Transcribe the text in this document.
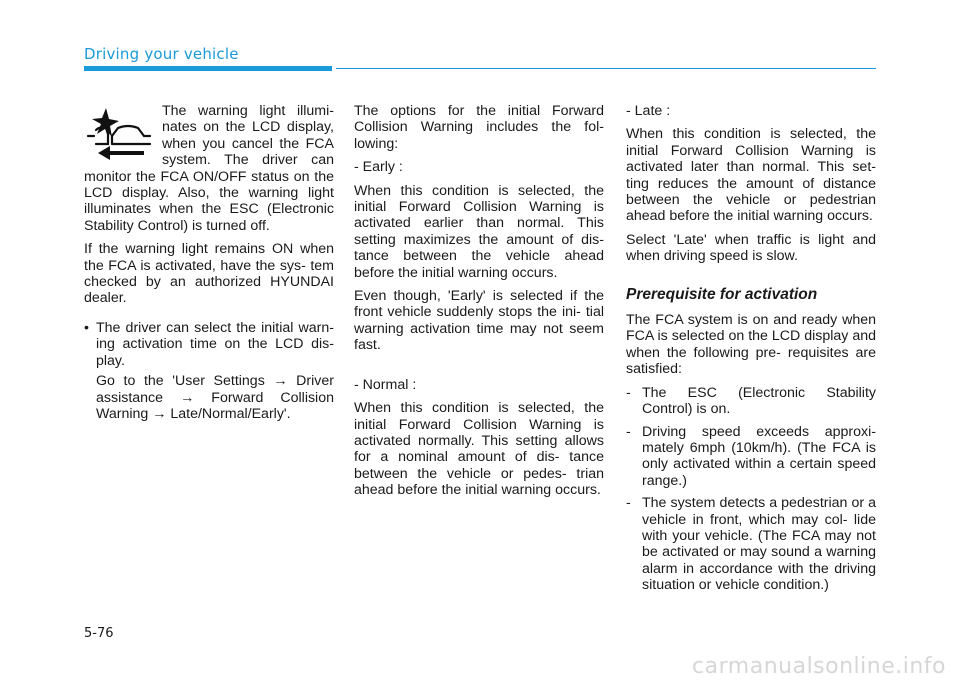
Driving your vehicle

The warning light illumi- nates on the LCD display, when you cancel the FCA system. The driver can monitor the FCA ON/OFF status on the LCD display. Also, the warning light illuminates when the ESC (Electronic Stability Control) is turned off.

If the warning light remains ON when the FCA is activated, have the sys- tem checked by an authorized HYUNDAI dealer.

• The driver can select the initial warn- ing activation time on the LCD dis- play.

Go to the 'User Settings → Driver assistance → Forward Collision Warning → Late/Normal/Early'.

The options for the initial Forward Collision Warning includes the fol- lowing:

- Early :

When this condition is selected, the initial Forward Collision Warning is activated earlier than normal. This setting maximizes the amount of dis- tance between the vehicle ahead before the initial warning occurs.

Even though, 'Early' is selected if the front vehicle suddenly stops the ini- tial warning activation time may not seem fast.

- Normal :

When this condition is selected, the initial Forward Collision Warning is activated normally. This setting allows for a nominal amount of dis- tance between the vehicle or pedes- trian ahead before the initial warning occurs.

- Late :

When this condition is selected, the initial Forward Collision Warning is activated later than normal. This set- ting reduces the amount of distance between the vehicle or pedestrian ahead before the initial warning occurs.

Select 'Late' when traffic is light and when driving speed is slow.

Prerequisite for activation

The FCA system is on and ready when FCA is selected on the LCD display and when the following pre- requisites are satisfied:

- The ESC (Electronic Stability Control) is on.
- Driving speed exceeds approxi- mately 6mph (10km/h). (The FCA is only activated within a certain speed range.)
- The system detects a pedestrian or a vehicle in front, which may col- lide with your vehicle. (The FCA may not be activated or may sound a warning alarm in accordance with the driving situation or vehicle condition.)
5-76
carmanualsonline.info
